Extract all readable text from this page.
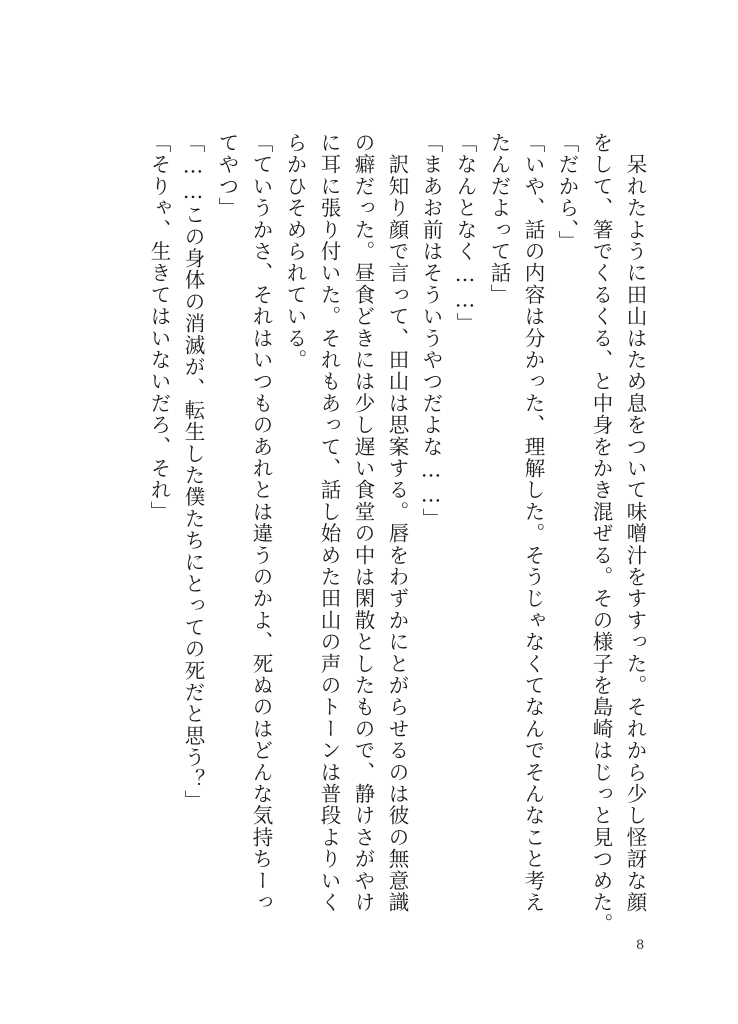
　呆れたように田山はため息をついて味噌汁をすすった。それから少し怪訝な顔
をして、箸でくるくる、と中身をかき混ぜる。その様子を島崎はじっと見つめた。
「だから、」
「いや、話の内容は分かった、理解した。そうじゃなくてなんでそんなこと考え
たんだよって話」
「なんとなく……」
「まあお前はそういうやつだよな……」
　訳知り顔で言って、田山は思案する。唇をわずかにとがらせるのは彼の無意識
の癖だった。昼食どきには少し遅い食堂の中は閑散としたもので、静けさがやけ
に耳に張り付いた。それもあって、話し始めた田山の声のトーンは普段よりいく
らかひそめられている。
「ていうかさ、それはいつものあれとは違うのかよ、死ぬのはどんな気持ちーっ
てやつ」
「……この身体の消滅が、転生した僕たちにとっての死だと思う？」
「そりゃ、生きてはいないだろ、それ」
8
